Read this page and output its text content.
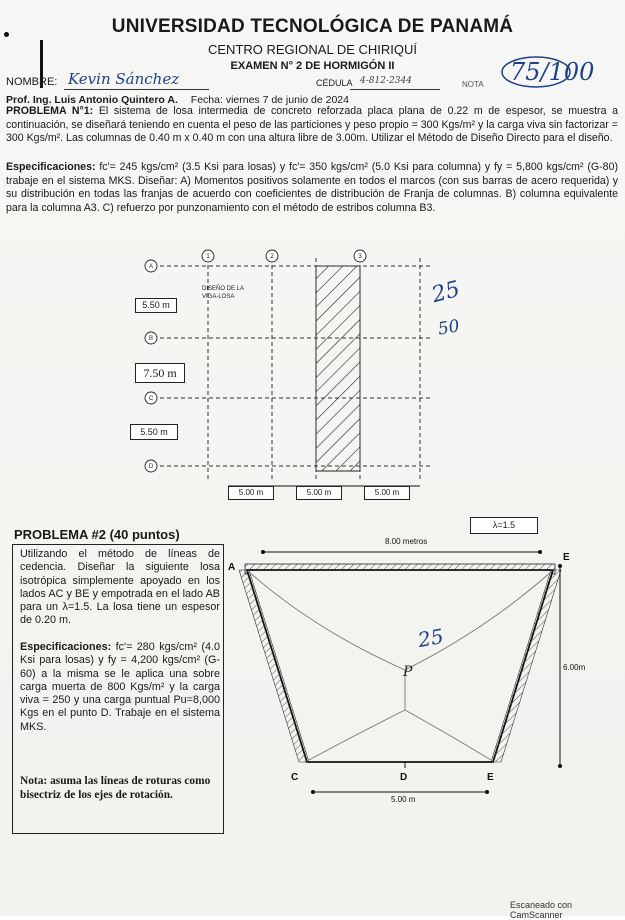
UNIVERSIDAD TECNOLÓGICA DE PANAMÁ
CENTRO REGIONAL DE CHIRIQUÍ
EXAMEN N° 2 DE HORMIGÓN II
NOMBRE: Kevin Sánchez	CÉDULA 4-812-2344	NOTA 75/100
Prof. Ing. Luis Antonio Quintero A. Fecha: viernes 7 de junio de 2024
PROBLEMA N°1: El sistema de losa intermedia de concreto reforzada placa plana de 0.22 m de espesor, se muestra a continuación, se diseñará teniendo en cuenta el peso de las particiones y peso propio = 300 Kgs/m² y la carga viva sin factorizar = 300 Kgs/m². Las columnas de 0.40 m x 0.40 m con una altura libre de 3.00m. Utilizar el Método de Diseño Directo para el diseño.
Especificaciones: fc'= 245 kgs/cm² (3.5 Ksi para losas) y fc'= 350 kgs/cm² (5.0 Ksi para columna) y fy = 5,800 kgs/cm² (G-80) trabaje en el sistema MKS. Diseñar: A) Momentos positivos solamente en todos el marcos (con sus barras de acero requerida) y su distribución en todas las franjas de acuerdo con coeficientes de distribución de Franja de columnas. B) columna equivalente para la columna A3. C) refuerzo por punzonamiento con el método de estribos columna B3.
A
B
C
D
1	2	3
DISEÑO DE LA
VIGA-LOSA
5.50 m
7.50 m
5.50 m
5.00 m	5.00 m	5.00 m
25
50
PROBLEMA #2 (40 puntos)
Utilizando el método de líneas de cedencia. Diseñar la siguiente losa isotrópica simplemente apoyado en los lados AC y BE y empotrada en el lado AB para un λ=1.5. La losa tiene un espesor de 0.20 m.
Especificaciones: fc'= 280 kgs/cm² (4.0 Ksi para losas) y fy = 4,200 kgs/cm² (G-60) a la misma se le aplica una sobre carga muerta de 800 Kgs/m² y la carga viva = 250 y una carga puntual Pu=8,000 Kgs en el punto D. Trabaje en el sistema MKS.
Nota: asuma las líneas de roturas como bisectriz de los ejes de rotación.
A
E
C	D	E
8.00 metros
5.00 m
6.00m
λ=1.5
25
P
Escaneado con CamScanner
